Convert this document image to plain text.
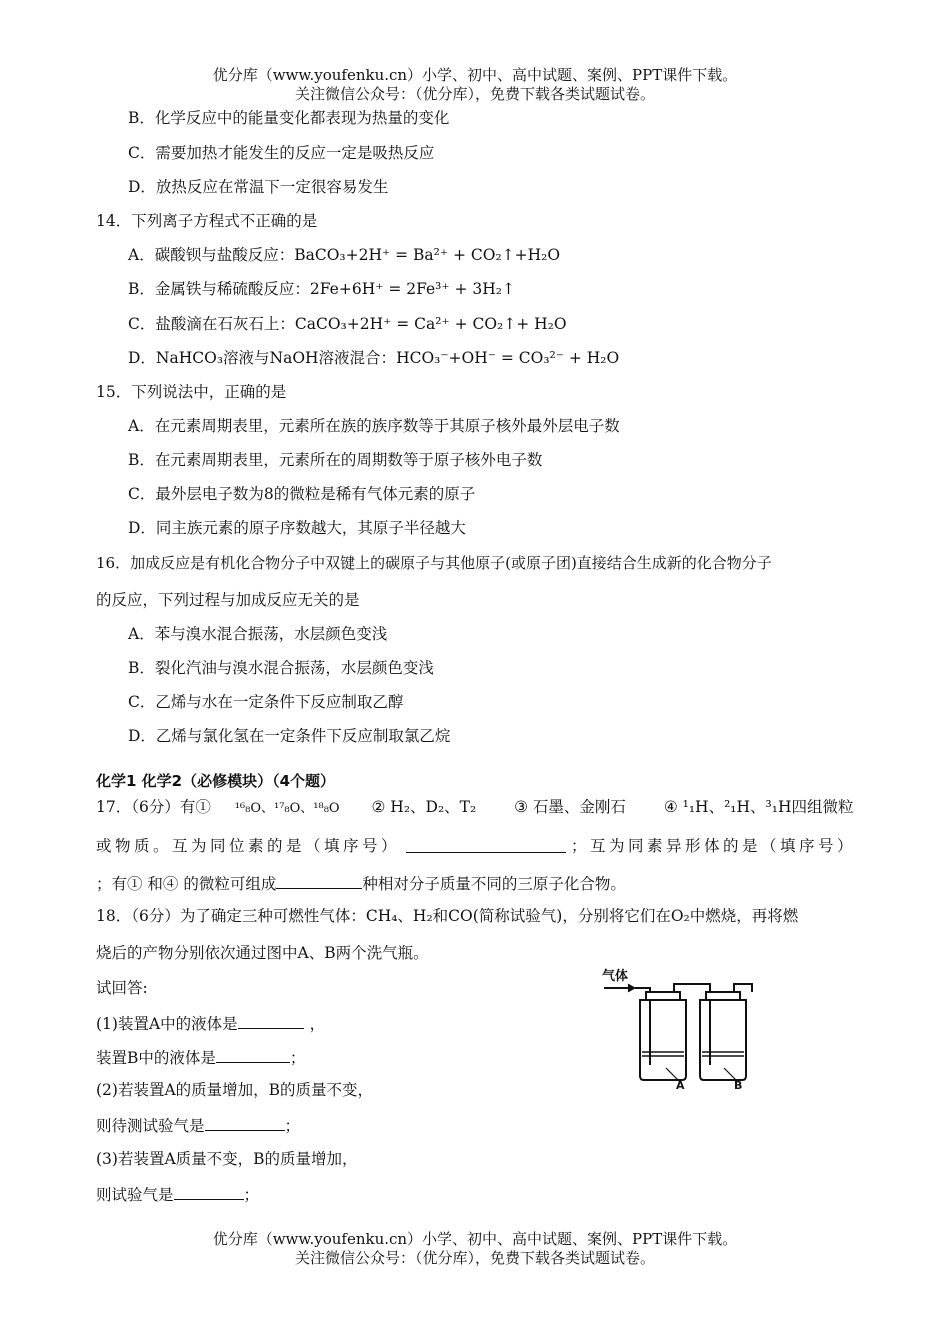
优分库（www.youfenku.cn）小学、初中、高中试题、案例、PPT课件下载。
关注微信公众号：（优分库），免费下载各类试题试卷。
B．化学反应中的能量变化都表现为热量的变化
C．需要加热才能发生的反应一定是吸热反应
D．放热反应在常温下一定很容易发生
14．下列离子方程式不正确的是
A．碳酸钡与盐酸反应：BaCO₃+2H⁺ = Ba²⁺ + CO₂↑+H₂O
B．金属铁与稀硫酸反应：2Fe+6H⁺ = 2Fe³⁺ + 3H₂↑
C．盐酸滴在石灰石上：CaCO₃+2H⁺ = Ca²⁺ + CO₂↑+ H₂O
D．NaHCO₃溶液与NaOH溶液混合：HCO₃⁻+OH⁻ = CO₃²⁻ + H₂O
15．下列说法中，正确的是
A．在元素周期表里，元素所在族的族序数等于其原子核外最外层电子数
B．在元素周期表里，元素所在的周期数等于原子核外电子数
C．最外层电子数为8的微粒是稀有气体元素的原子
D．同主族元素的原子序数越大，其原子半径越大
16．加成反应是有机化合物分子中双键上的碳原子与其他原子(或原子团)直接结合生成新的化合物分子
的反应，下列过程与加成反应无关的是
A．苯与溴水混合振荡，水层颜色变浅
B．裂化汽油与溴水混合振荡，水层颜色变浅
C．乙烯与水在一定条件下反应制取乙醇
D．乙烯与氯化氢在一定条件下反应制取氯乙烷
化学1 化学2（必修模块）（4个题）
17．（6分）有① ¹⁶₈O、¹⁷₈O、¹⁸₈O ② H₂、D₂、T₂ ③ 石墨、金刚石 ④ ¹₁H、²₁H、³₁H四组微粒
或物质。互为同位素的是（填序号）	；互为同素异形体的是（填序号）
；有① 和④ 的微粒可组成	种相对分子质量不同的三原子化合物。
18．（6分）为了确定三种可燃性气体：CH₄、H₂和CO(简称试验气)，分别将它们在O₂中燃烧，再将燃
烧后的产物分别依次通过图中A、B两个洗气瓶。
试回答:
(1)装置A中的液体是	，
装置B中的液体是	；
(2)若装置A的质量增加，B的质量不变，
则待测试验气是	；
(3)若装置A质量不变，B的质量增加，
则试验气是	；
气体
A	B
优分库（www.youfenku.cn）小学、初中、高中试题、案例、PPT课件下载。
关注微信公众号：（优分库），免费下载各类试题试卷。
